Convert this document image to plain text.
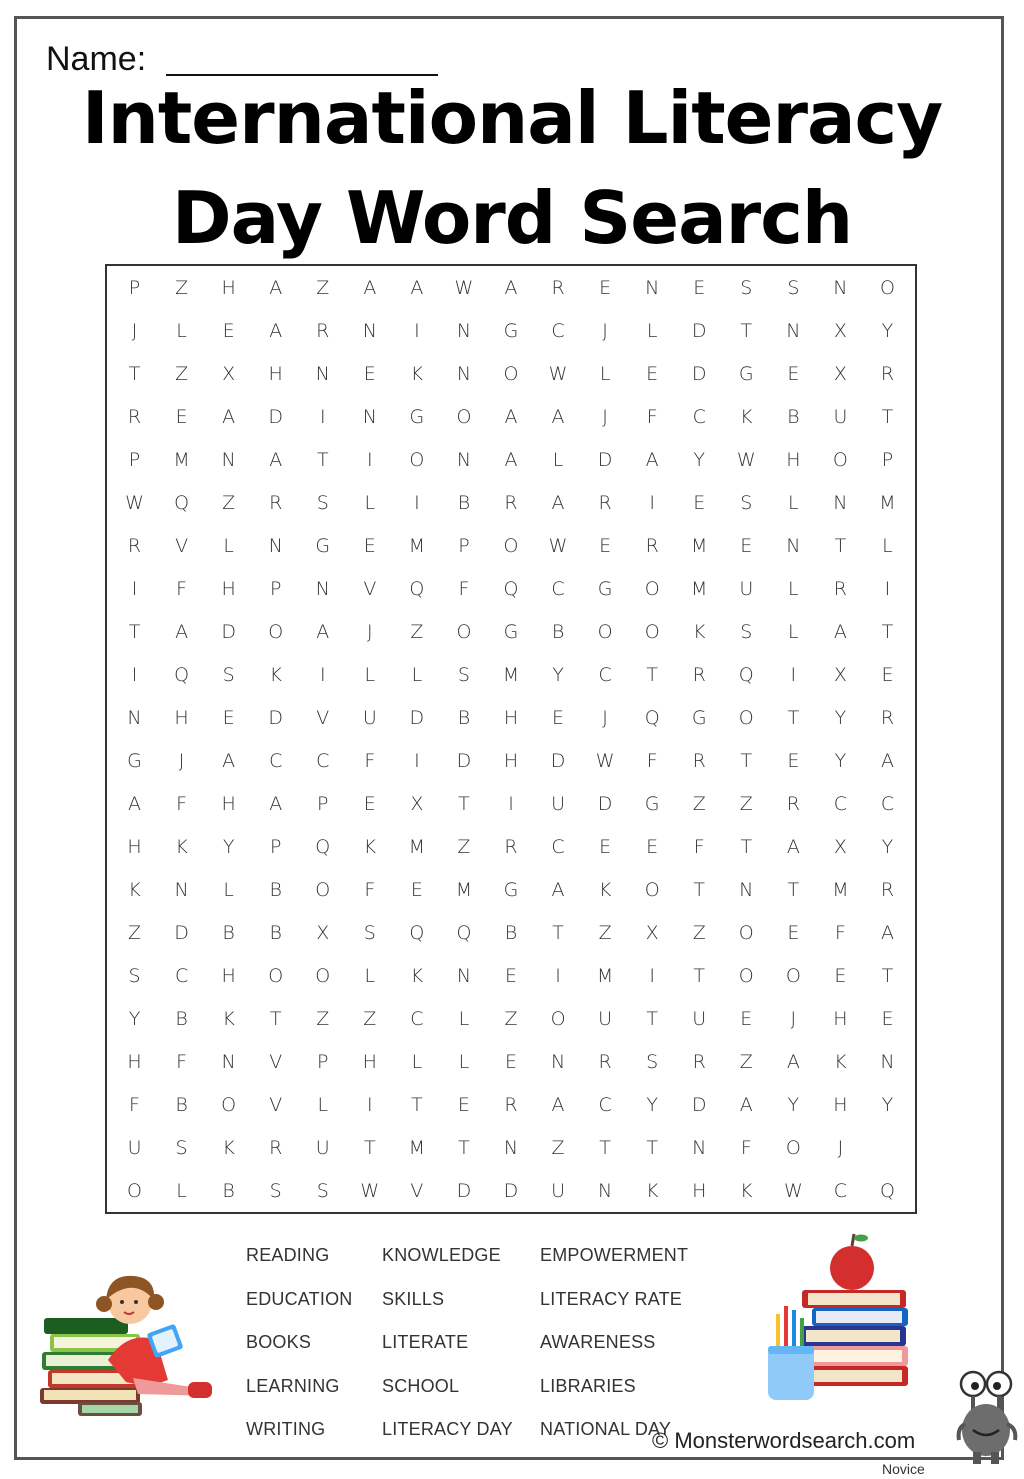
Name:
International Literacy
Day Word Search
P	Z	H	A	Z	A	A	W	A	R	E	N	E	S	S	N	O
J	L	E	A	R	N	I	N	G	C	J	L	D	T	N	X	Y
T	Z	X	H	N	E	K	N	O	W	L	E	D	G	E	X	R
R	E	A	D	I	N	G	O	A	A	J	F	C	K	B	U	T
P	M	N	A	T	I	O	N	A	L	D	A	Y	W	H	O	P
W	Q	Z	R	S	L	I	B	R	A	R	I	E	S	L	N	M
R	V	L	N	G	E	M	P	O	W	E	R	M	E	N	T	L
I	F	H	P	N	V	Q	F	Q	C	G	O	M	U	L	R	I
T	A	D	O	A	J	Z	O	G	B	O	O	K	S	L	A	T
I	Q	S	K	I	L	L	S	M	Y	C	T	R	Q	I	X	E
N	H	E	D	V	U	D	B	H	E	J	Q	G	O	T	Y	R
G	J	A	C	C	F	I	D	H	D	W	F	R	T	E	Y	A
A	F	H	A	P	E	X	T	I	U	D	G	Z	Z	R	C	C
H	K	Y	P	Q	K	M	Z	R	C	E	E	F	T	A	X	Y
K	N	L	B	O	F	E	M	G	A	K	O	T	N	T	M	R
Z	D	B	B	X	S	Q	Q	B	T	Z	X	Z	O	E	F	A
S	C	H	O	O	L	K	N	E	I	M	I	T	O	O	E	T
Y	B	K	T	Z	Z	C	L	Z	O	U	T	U	E	J	H	E
H	F	N	V	P	H	L	L	E	N	R	S	R	Z	A	K	N
F	B	O	V	L	I	T	E	R	A	C	Y	D	A	Y	H	Y
U	S	K	R	U	T	M	T	N	Z	T	T	N	F	O	J
O	L	B	S	S	W	V	D	D	U	N	K	H	K	W	C	Q
READING
EDUCATION
BOOKS
LEARNING
WRITING
KNOWLEDGE
SKILLS
LITERATE
SCHOOL
LITERACY DAY
EMPOWERMENT
LITERACY RATE
AWARENESS
LIBRARIES
NATIONAL DAY
© Monsterwordsearch.com
Novice
